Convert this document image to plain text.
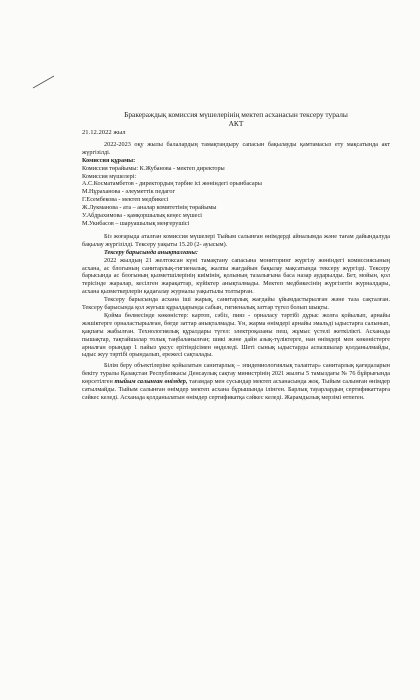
Бракераждық комиссия мүшелерінің мектеп асханасын тексеру туралы

АКТ

21.12.2022 жыл

2022-2023 оқу жылы балалардың тамақтандыру сапасын бақылауды қамтамасыз ету мақсатында акт жүргізілді.

Комиссия құрамы:

Комиссия төрайымы: К.Жубанова - мектеп директоры

Комиссия мүшелері:

А.С.Косматамбетов - директордың тәрбие ісі жөніндегі орынбасары

М.Нұраханова - әлеуметтік педагог

Г.Есембекова - мектеп медбикесі

Ж.Лукманова - ата – аналар комитетінің төрайымы

У.Абдрахимова - қамқоршылық кеңес мүшесі

М.Укибасов – шаруашылық меңгерушісі

Біз жоғарыда аталған комиссия мүшелері Тыйым салынған өнімдерді айналымда және тағам дайындалуда бақылау жүргізілді. Тексеру уақыты 15.20 (2- ауысым).

Тексеру барысында анықталғаны:

2022 жылдың 21 желтоксан күні тамақтану сапасына мониторинг жүргізу жөніндегі комиссиясының асхана, ас блогының санитарлық-гигиеналық, жалпы жағдайын бақылау мақсатында тексеру жүргізді. Тексеру барысында ас блогының қызметшілерінің киімінің, қолының тазалығына баса назар аударылды. Бет, мойын, қол терісінде жаралар, кесілген жарақаттар, күйіктер анықталмады. Мектеп медбикесінің жүргізетін журналдары, асхана қызметкерлерін қадағалау журналы уақытылы толтырған.

Тексеру барысында асхана іші жарық, санитарлық жағдайы ұйымдастырылған және таза сақталған. Тексеру барысында қол жуғыш құралдарында сабын, гигиеналық заттар түгел болып шықты.

Қойма бөлмесінде көкөністер: картоп, сәбіз, пияз - орналасу тәртібі дұрыс жолға қойылып, арнайы жәшіктерге орналастырылған, бөгде заттар анықталмады. Ұн, жарма өнімдері арнайы эмальді ыдыстарға салынып, қақпағы жабылған. Технологиялық құралдары түгел: электроқазаны пеш, жұмыс үстелі жеткілікті. Асханада пышақтар, тақтайшалар толық таңбаланылған; шикі және дайн азық-түліктерге, нан өнімдері мен көкөністерге арналған орындар 1 пайыз ұксус ерітіндісімен өңделеді. Шеті сынық ыдыстарды аспазшылар қолданылмайды, ыдыс жуу тәртібі орындалып, ережесі сақталады.

Білім беру объектілеріне қойылатын санитарлық – эпидемиологиялық талаптар» санитарлық қағидаларын бекіту туралы Қазақстан Республикасы Денсаулық сақтау министрінің 2021 жылғы 5 тамыздағы № 76 бұйрығында көрсетілген тыйым салынған өнімдер, тағамдар мен сусындар мектеп асханасында жоқ. Тыйым салынған өнімдер сатылмайды. Тыйым салынған өнімдер мектеп асхана бұрышында ілінген. Барлық тауарлардың сертификаттарға сәйкес келеді. Асханада қолданылатын өнімдер сертификатқа сәйкес келеді. Жарамдылық мерзімі өтпеген.
